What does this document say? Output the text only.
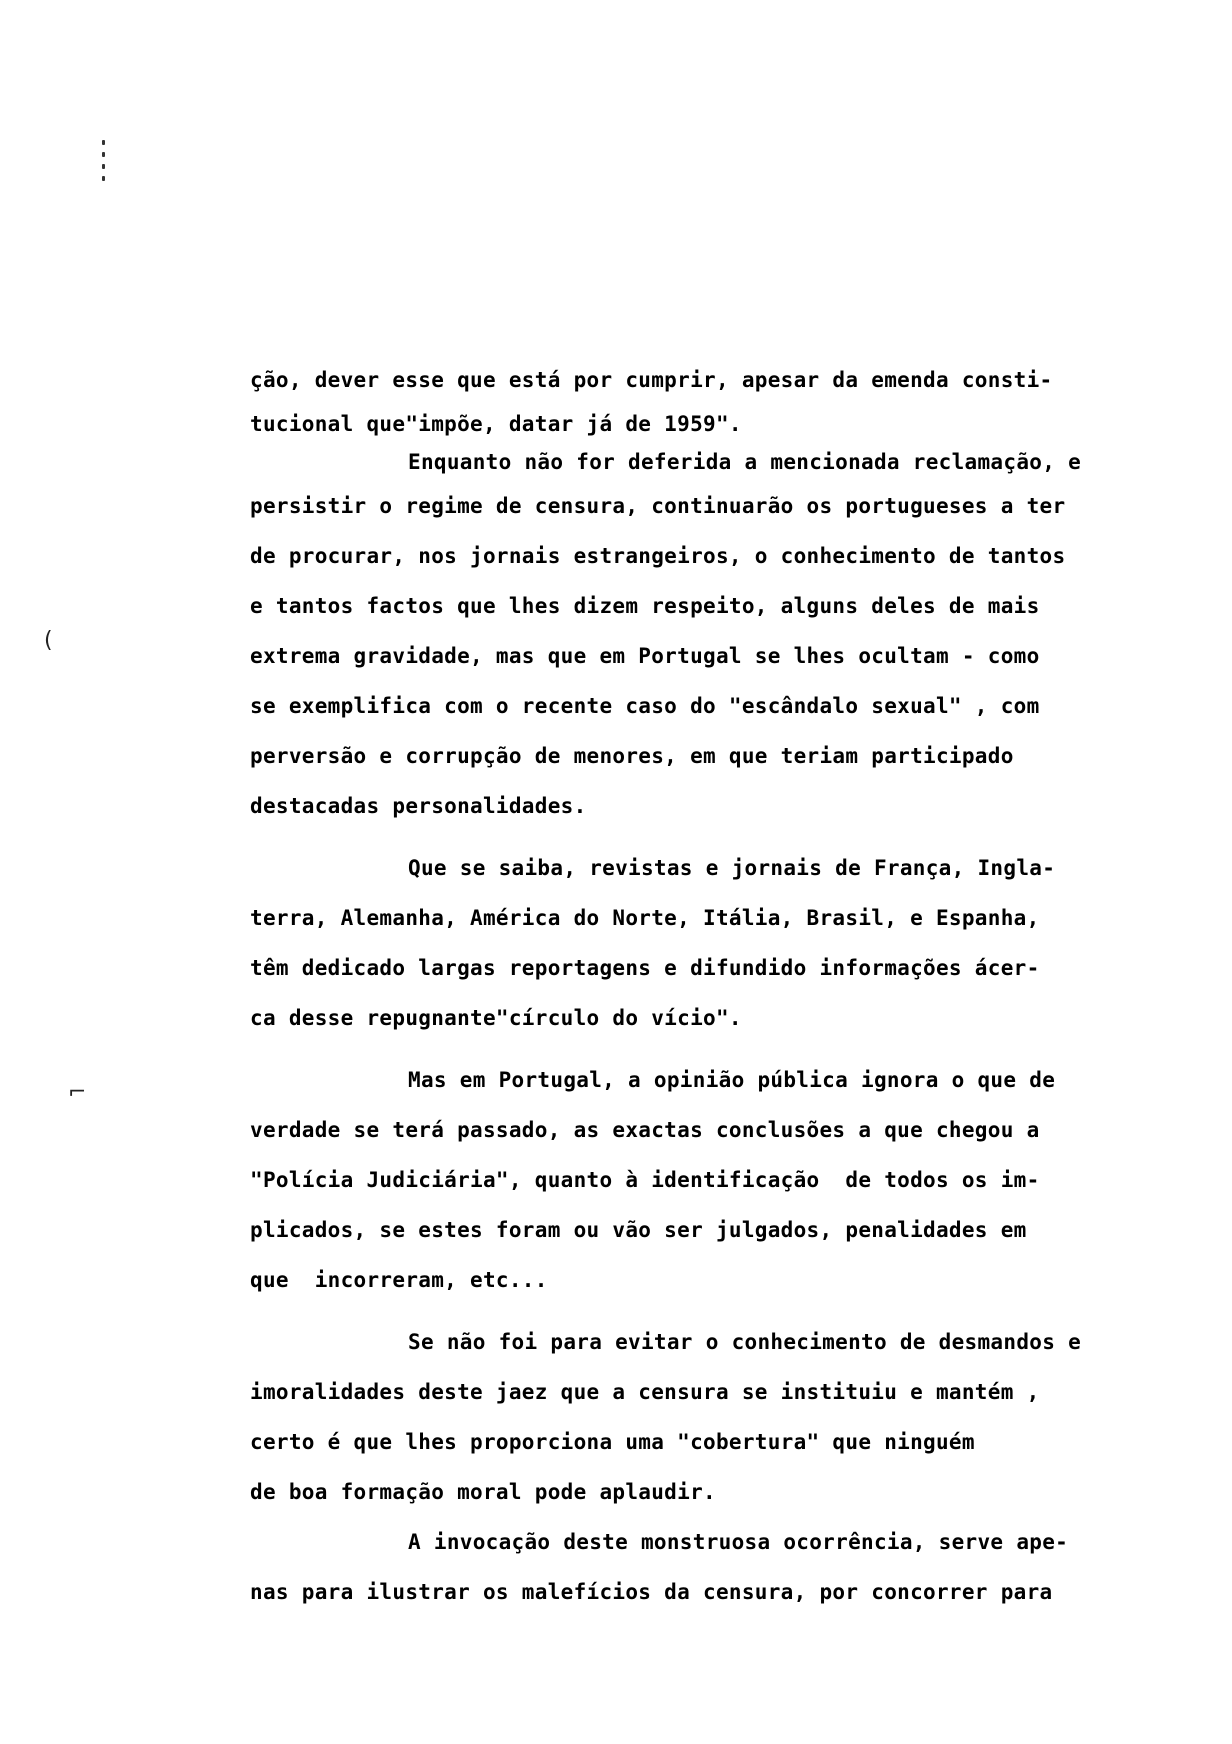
(
⌐
ção, dever esse que está por cumprir, apesar da emenda consti-
tucional que"impõe, datar já de 1959".
Enquanto não for deferida a mencionada reclamação, e
persistir o regime de censura, continuarão os portugueses a ter
de procurar, nos jornais estrangeiros, o conhecimento de tantos
e tantos factos que lhes dizem respeito, alguns deles de mais
extrema gravidade, mas que em Portugal se lhes ocultam - como
se exemplifica com o recente caso do "escândalo sexual" , com
perversão e corrupção de menores, em que teriam participado
destacadas personalidades.
Que se saiba, revistas e jornais de França, Ingla-
terra, Alemanha, América do Norte, Itália, Brasil, e Espanha,
têm dedicado largas reportagens e difundido informações ácer-
ca desse repugnante"círculo do vício".
Mas em Portugal, a opinião pública ignora o que de
verdade se terá passado, as exactas conclusões a que chegou a
"Polícia Judiciária", quanto à identificação  de todos os im-
plicados, se estes foram ou vão ser julgados, penalidades em
que  incorreram, etc...
Se não foi para evitar o conhecimento de desmandos e
imoralidades deste jaez que a censura se instituiu e mantém ,
certo é que lhes proporciona uma "cobertura" que ninguém
de boa formação moral pode aplaudir.
A invocação deste monstruosa ocorrência, serve ape-
nas para ilustrar os malefícios da censura, por concorrer para
